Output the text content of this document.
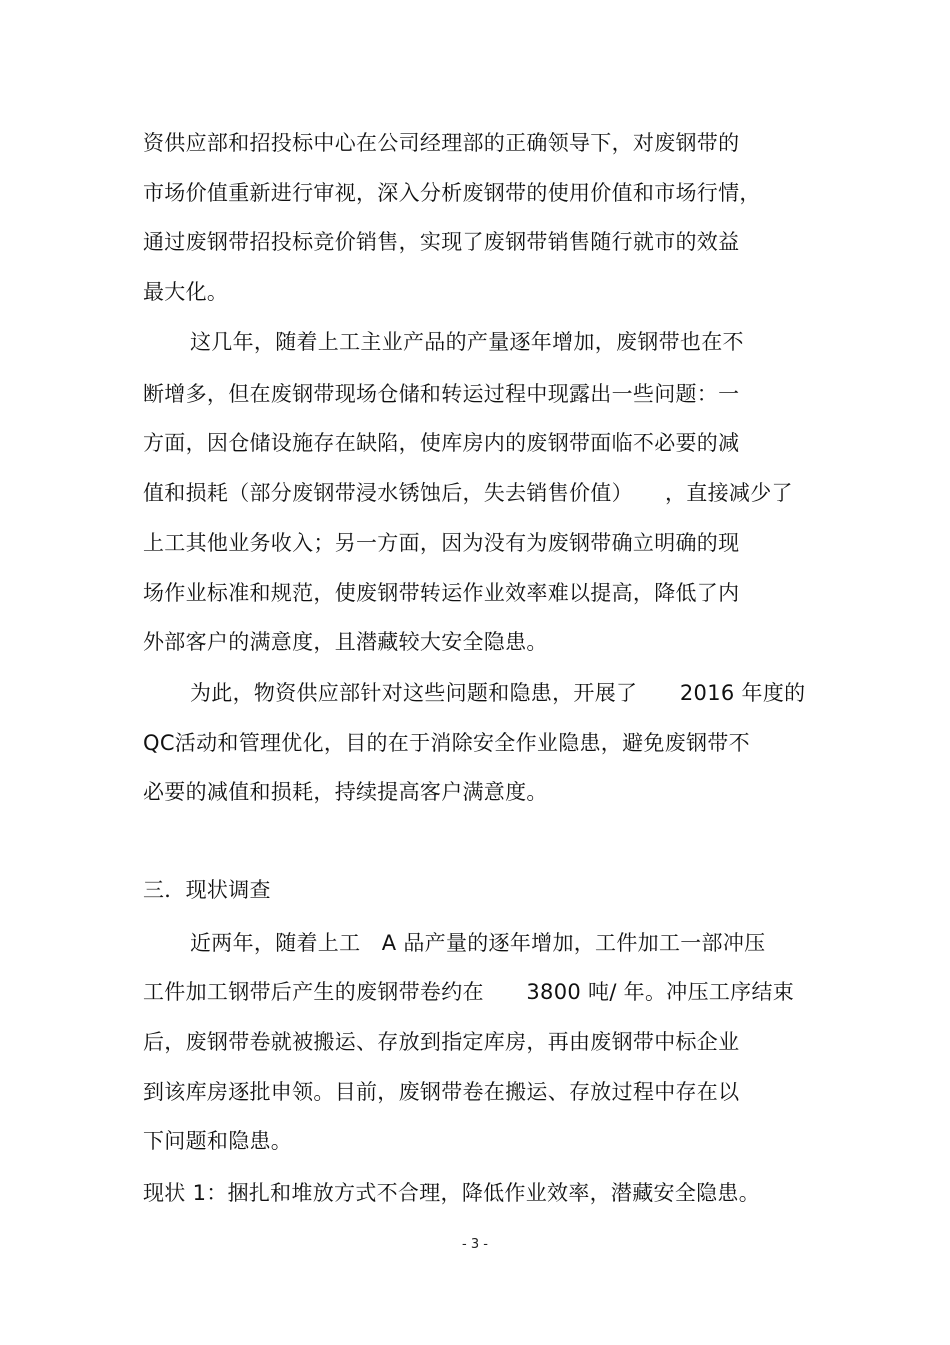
资供应部和招投标中心在公司经理部的正确领导下，对废钢带的
市场价值重新进行审视，深入分析废钢带的使用价值和市场行情，
通过废钢带招投标竞价销售，实现了废钢带销售随行就市的效益
最大化。
这几年，随着上工主业产品的产量逐年增加，废钢带也在不
断增多，但在废钢带现场仓储和转运过程中现露出一些问题：一
方面，因仓储设施存在缺陷，使库房内的废钢带面临不必要的减
值和损耗（部分废钢带浸水锈蚀后，失去销售价值）　　，直接减少了
上工其他业务收入；另一方面，因为没有为废钢带确立明确的现
场作业标准和规范，使废钢带转运作业效率难以提高，降低了内
外部客户的满意度，且潜藏较大安全隐患。
为此，物资供应部针对这些问题和隐患，开展了　　2016 年度的
QC活动和管理优化，目的在于消除安全作业隐患，避免废钢带不
必要的减值和损耗，持续提高客户满意度。
三．现状调查
近两年，随着上工　A 品产量的逐年增加，工件加工一部冲压
工件加工钢带后产生的废钢带卷约在　　3800 吨/ 年。冲压工序结束
后，废钢带卷就被搬运、存放到指定库房，再由废钢带中标企业
到该库房逐批申领。目前，废钢带卷在搬运、存放过程中存在以
下问题和隐患。
现状 1：捆扎和堆放方式不合理，降低作业效率，潜藏安全隐患。
- 3 -
